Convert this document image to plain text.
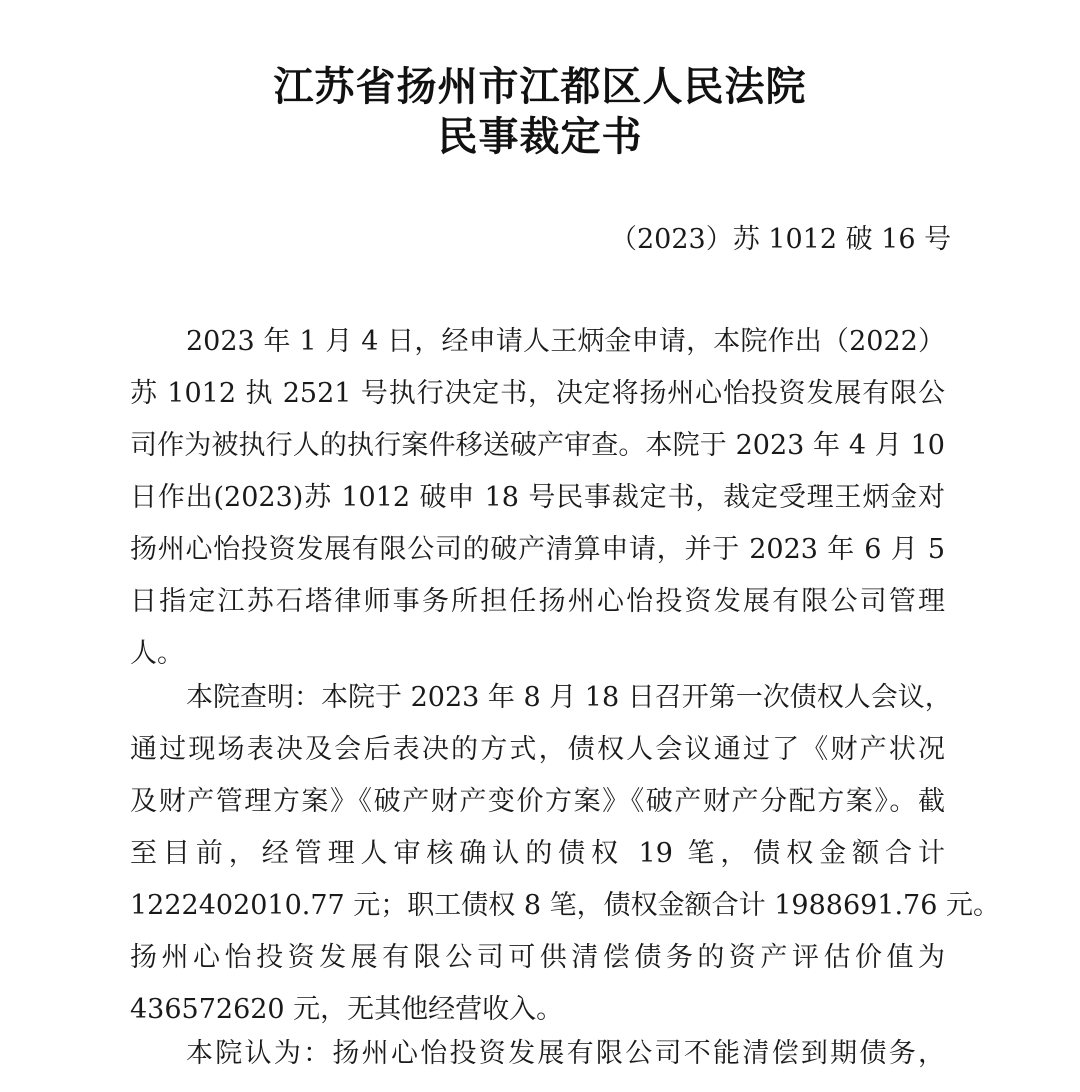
江苏省扬州市江都区人民法院
民事裁定书
（2023）苏 1012 破 16 号
2023 年 1 月 4 日，经申请人王炳金申请，本院作出（2022）
苏 1012 执 2521 号执行决定书，决定将扬州心怡投资发展有限公
司作为被执行人的执行案件移送破产审查。本院于 2023 年 4 月 10
日作出(2023)苏 1012 破申 18 号民事裁定书，裁定受理王炳金对
扬州心怡投资发展有限公司的破产清算申请，并于 2023 年 6 月 5
日指定江苏石塔律师事务所担任扬州心怡投资发展有限公司管理
人。
本院查明：本院于 2023 年 8 月 18 日召开第一次债权人会议，
通过现场表决及会后表决的方式，债权人会议通过了《财产状况
及财产管理方案》《破产财产变价方案》《破产财产分配方案》。截
至目前，经管理人审核确认的债权 19 笔，债权金额合计
1222402010.77 元；职工债权 8 笔，债权金额合计 1988691.76 元。
扬州心怡投资发展有限公司可供清偿债务的资产评估价值为
436572620 元，无其他经营收入。
本院认为：扬州心怡投资发展有限公司不能清偿到期债务，
